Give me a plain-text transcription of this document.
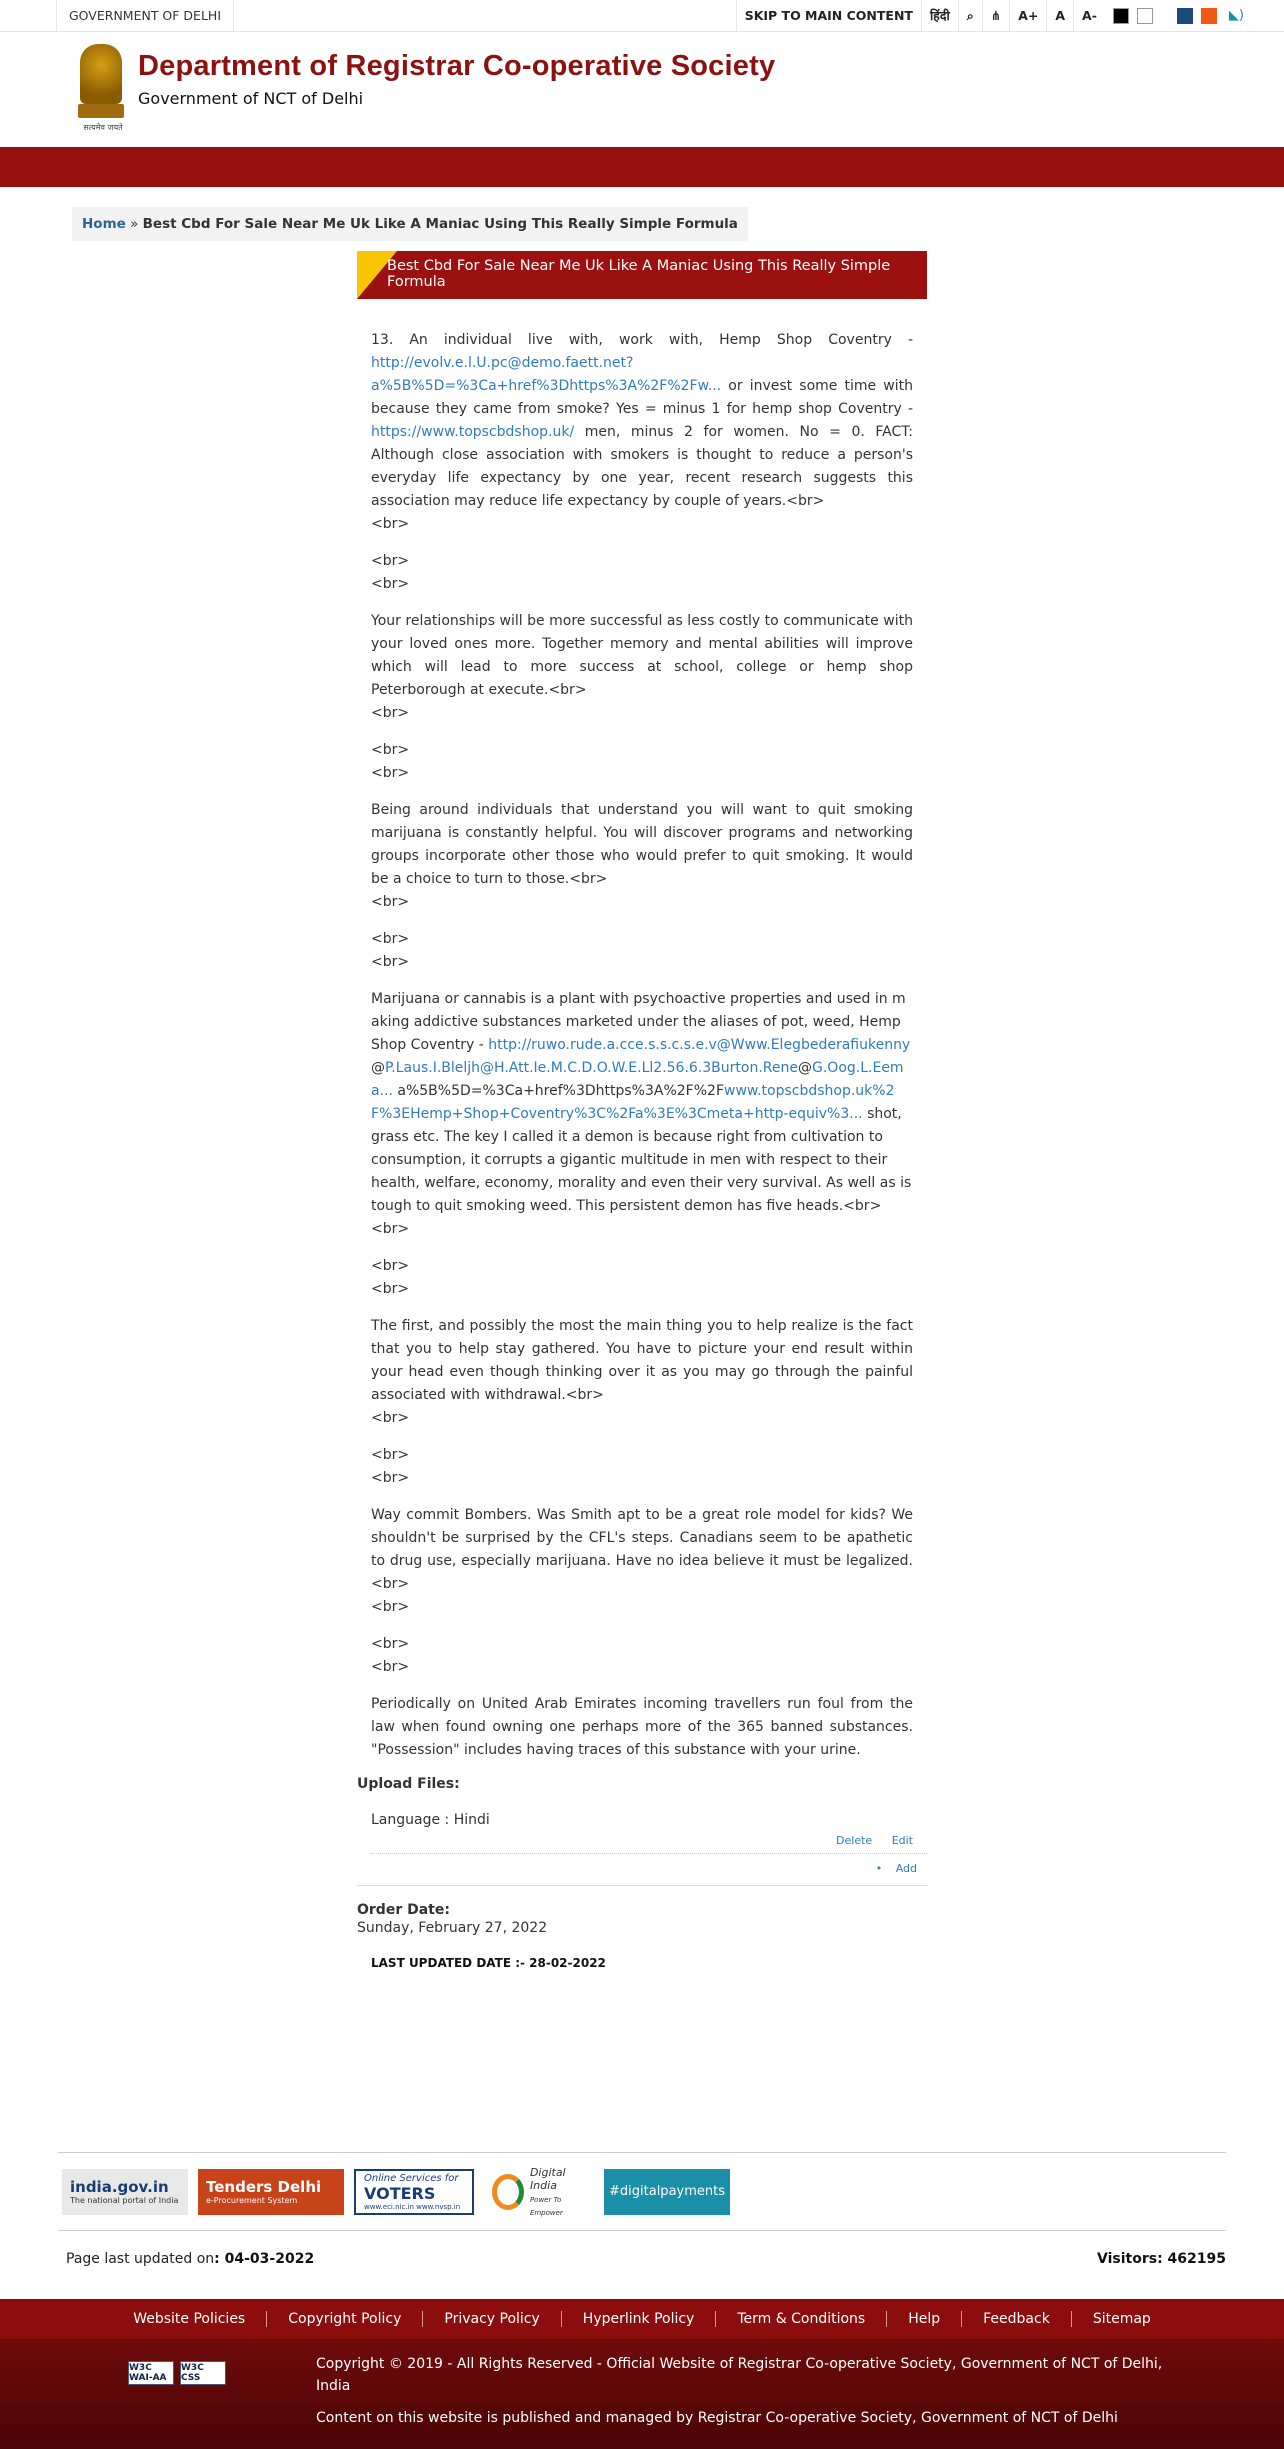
GOVERNMENT OF DELHI	SKIP TO MAIN CONTENT	हिंदी	⌕	⋔	A+	A	A-	◣)
सत्यमेव जयते
Department of Registrar Co-operative Society
Government of NCT of Delhi
Home » Best Cbd For Sale Near Me Uk Like A Maniac Using This Really Simple Formula
Best Cbd For Sale Near Me Uk Like A Maniac Using This Really Simple Formula

13. An individual live with, work with, Hemp Shop Coventry - http://evolv.e.l.U.pc@demo.faett.net?a%5B%5D=%3Ca+href%3Dhttps%3A%2F%2Fw... or invest some time with because they came from smoke? Yes = minus 1 for hemp shop Coventry - https://www.topscbdshop.uk/ men, minus 2 for women. No = 0. FACT: Although close association with smokers is thought to reduce a person's everyday life expectancy by one year, recent research suggests this association may reduce life expectancy by couple of years.<br>
<br>

<br>
<br>

Your relationships will be more successful as less costly to communicate with your loved ones more. Together memory and mental abilities will improve which will lead to more success at school, college or hemp shop Peterborough at execute.<br>
<br>

<br>
<br>

Being around individuals that understand you will want to quit smoking marijuana is constantly helpful. You will discover programs and networking groups incorporate other those who would prefer to quit smoking. It would be a choice to turn to those.<br>
<br>

<br>
<br>

Marijuana or cannabis is a plant with psychoactive properties and used in making addictive substances marketed under the aliases of pot, weed, Hemp Shop Coventry - http://ruwo.rude.a.cce.s.s.c.s.e.v@Www.Elegbederafiukenny@P.Laus.I.Bleljh@H.Att.Ie.M.C.D.O.W.E.Ll2.56.6.3Burton.Rene@G.Oog.L.Eema... a%5B%5D=%3Ca+href%3Dhttps%3A%2F%2Fwww.topscbdshop.uk%2F%3EHemp+Shop+Coventry%3C%2Fa%3E%3Cmeta+http-equiv%3... shot, grass etc. The key I called it a demon is because right from cultivation to consumption, it corrupts a gigantic multitude in men with respect to their health, welfare, economy, morality and even their very survival. As well as is tough to quit smoking weed. This persistent demon has five heads.<br>
<br>

<br>
<br>

The first, and possibly the most the main thing you to help realize is the fact that you to help stay gathered. You have to picture your end result within your head even though thinking over it as you may go through the painful associated with withdrawal.<br>
<br>

<br>
<br>

Way commit Bombers. Was Smith apt to be a great role model for kids? We shouldn't be surprised by the CFL's steps. Canadians seem to be apathetic to drug use, especially marijuana. Have no idea believe it must be legalized.<br>
<br>

<br>
<br>

Periodically on United Arab Emirates incoming travellers run foul from the law when found owning one perhaps more of the 365 banned substances. "Possession" includes having traces of this substance with your urine.

Upload Files:
Language : Hindi
Delete Edit
• Add
Order Date:
Sunday, February 27, 2022
LAST UPDATED DATE :- 28-02-2022
india.gov.in
The national portal of India
Tenders Delhi
e-Procurement System
Online Services for
VOTERS
www.eci.nic.in www.nvsp.in
Digital India
Power To Empower
#digitalpayments
Page last updated on: 04-03-2022	Visitors: 462195
Website Policies	Copyright Policy	Privacy Policy	Hyperlink Policy	Term & Conditions	Help	Feedback	Sitemap
W3C WAI-AA
W3C CSS

Copyright © 2019 - All Rights Reserved - Official Website of Registrar Co-operative Society, Government of NCT of Delhi, India

Content on this website is published and managed by Registrar Co-operative Society, Government of NCT of Delhi
